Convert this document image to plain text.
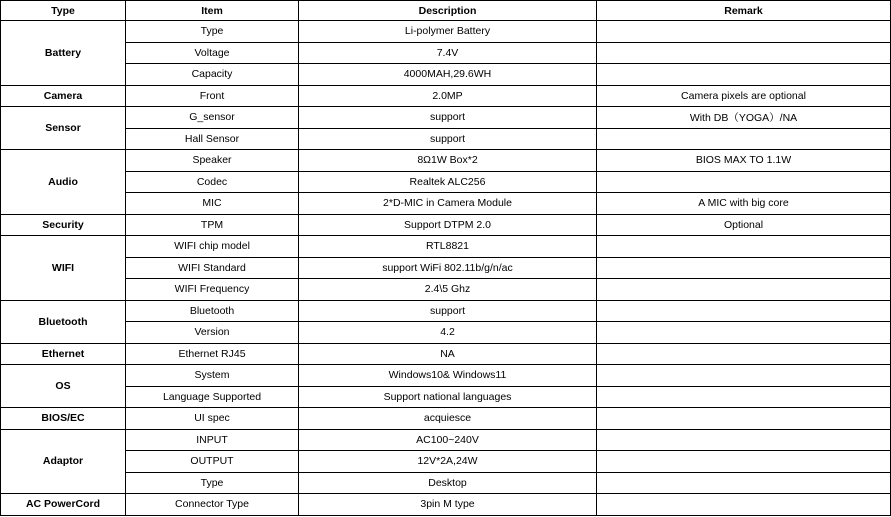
Type	Item	Description	Remark
Battery	Type	Li-polymer Battery	
	Voltage	7.4V	
	Capacity	4000MAH,29.6WH	
Camera	Front	2.0MP	Camera pixels are optional
Sensor	G_sensor	support	With DB（YOGA）/NA
	Hall Sensor	support	
Audio	Speaker	8Ω1W Box*2	BIOS MAX TO 1.1W
	Codec	Realtek ALC256	
	MIC	2*D-MIC in Camera Module	A MIC with big core
Security	TPM	Support DTPM 2.0	Optional
WIFI	WIFI chip model	RTL8821	
	WIFI Standard	support WiFi 802.11b/g/n/ac	
	WIFI Frequency	2.4\5 Ghz	
Bluetooth	Bluetooth	support	
	Version	4.2	
Ethernet	Ethernet RJ45	NA	
OS	System	Windows10& Windows11	
	Language Supported	Support national languages	
BIOS/EC	UI spec	acquiesce	
Adaptor	INPUT	AC100~240V	
	OUTPUT	12V*2A,24W	
	Type	Desktop	
AC PowerCord	Connector Type	3pin M type	
